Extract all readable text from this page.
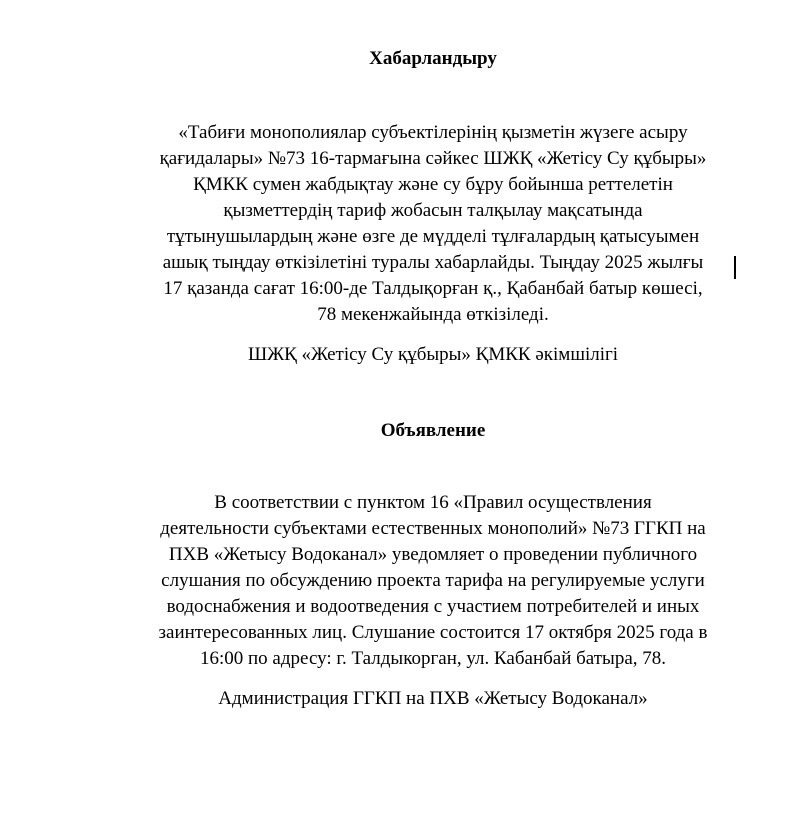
Хабарландыру
«Табиғи монополиялар субъектілерінің қызметін жүзеге асыру
қағидалары» №73 16-тармағына сәйкес ШЖҚ «Жетісу Су құбыры»
ҚМКК сумен жабдықтау және су бұру бойынша реттелетін
қызметтердің тариф жобасын талқылау мақсатында
тұтынушылардың және өзге де мүдделі тұлғалардың қатысуымен
ашық тыңдау өткізілетіні туралы хабарлайды. Тыңдау 2025 жылғы
17 қазанда сағат 16:00-де Талдықорған қ., Қабанбай батыр көшесі,
78 мекенжайында өткізіледі.
ШЖҚ «Жетісу Су құбыры» ҚМКК әкімшілігі
Объявление
В соответствии с пунктом 16 «Правил осуществления
деятельности субъектами естественных монополий» №73 ГГКП на
ПХВ «Жетысу Водоканал» уведомляет о проведении публичного
слушания по обсуждению проекта тарифа на регулируемые услуги
водоснабжения и водоотведения с участием потребителей и иных
заинтересованных лиц. Слушание состоится 17 октября 2025 года в
16:00 по адресу: г. Талдыкорган, ул. Кабанбай батыра, 78.
Администрация ГГКП на ПХВ «Жетысу Водоканал»
